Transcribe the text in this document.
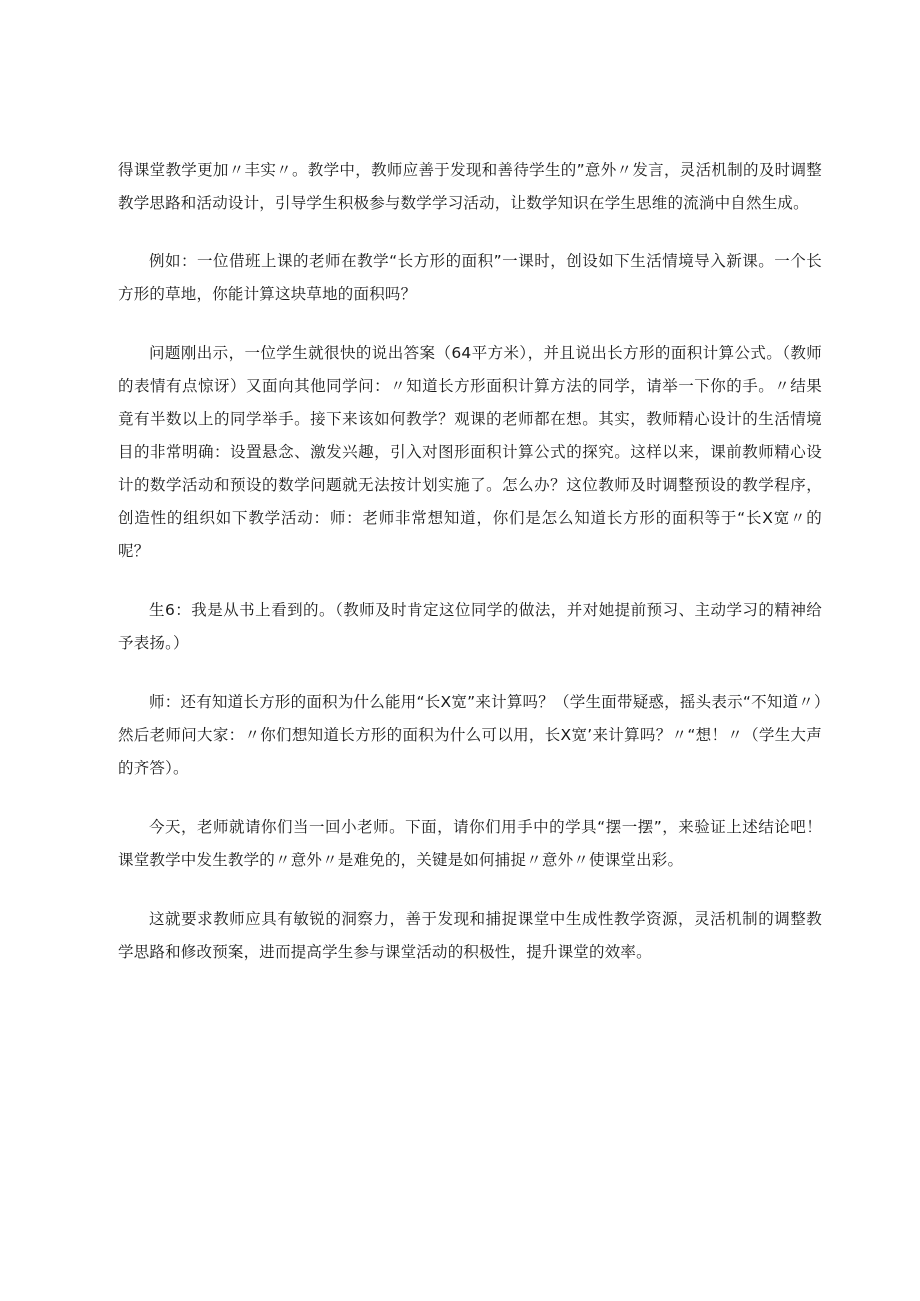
得课堂教学更加〃丰实〃。教学中，教师应善于发现和善待学生的”意外〃发言，灵活机制的及时调整教学思路和活动设计，引导学生积极参与数学学习活动，让数学知识在学生思维的流淌中自然生成。

例如：一位借班上课的老师在教学“长方形的面积”一课时，创设如下生活情境导入新课。一个长方形的草地，你能计算这块草地的面积吗？

问题刚出示，一位学生就很快的说出答案（64平方米），并且说出长方形的面积计算公式。（教师的表情有点惊讶）又面向其他同学问：〃知道长方形面积计算方法的同学，请举一下你的手。〃结果竟有半数以上的同学举手。接下来该如何教学？观课的老师都在想。其实，教师精心设计的生活情境目的非常明确：设置悬念、激发兴趣，引入对图形面积计算公式的探究。这样以来，课前教师精心设计的数学活动和预设的数学问题就无法按计划实施了。怎么办？这位教师及时调整预设的教学程序，创造性的组织如下教学活动：师：老师非常想知道，你们是怎么知道长方形的面积等于“长X宽〃的呢？

生6：我是从书上看到的。（教师及时肯定这位同学的做法，并对她提前预习、主动学习的精神给予表扬。）

师：还有知道长方形的面积为什么能用“长X宽”来计算吗？（学生面带疑惑，摇头表示“不知道〃）然后老师问大家：〃你们想知道长方形的面积为什么可以用，长X宽’来计算吗？〃“想！〃（学生大声的齐答）。

今天，老师就请你们当一回小老师。下面，请你们用手中的学具“摆一摆”，来验证上述结论吧！课堂教学中发生教学的〃意外〃是难免的，关键是如何捕捉〃意外〃使课堂出彩。

这就要求教师应具有敏锐的洞察力，善于发现和捕捉课堂中生成性教学资源，灵活机制的调整教学思路和修改预案，进而提高学生参与课堂活动的积极性，提升课堂的效率。
